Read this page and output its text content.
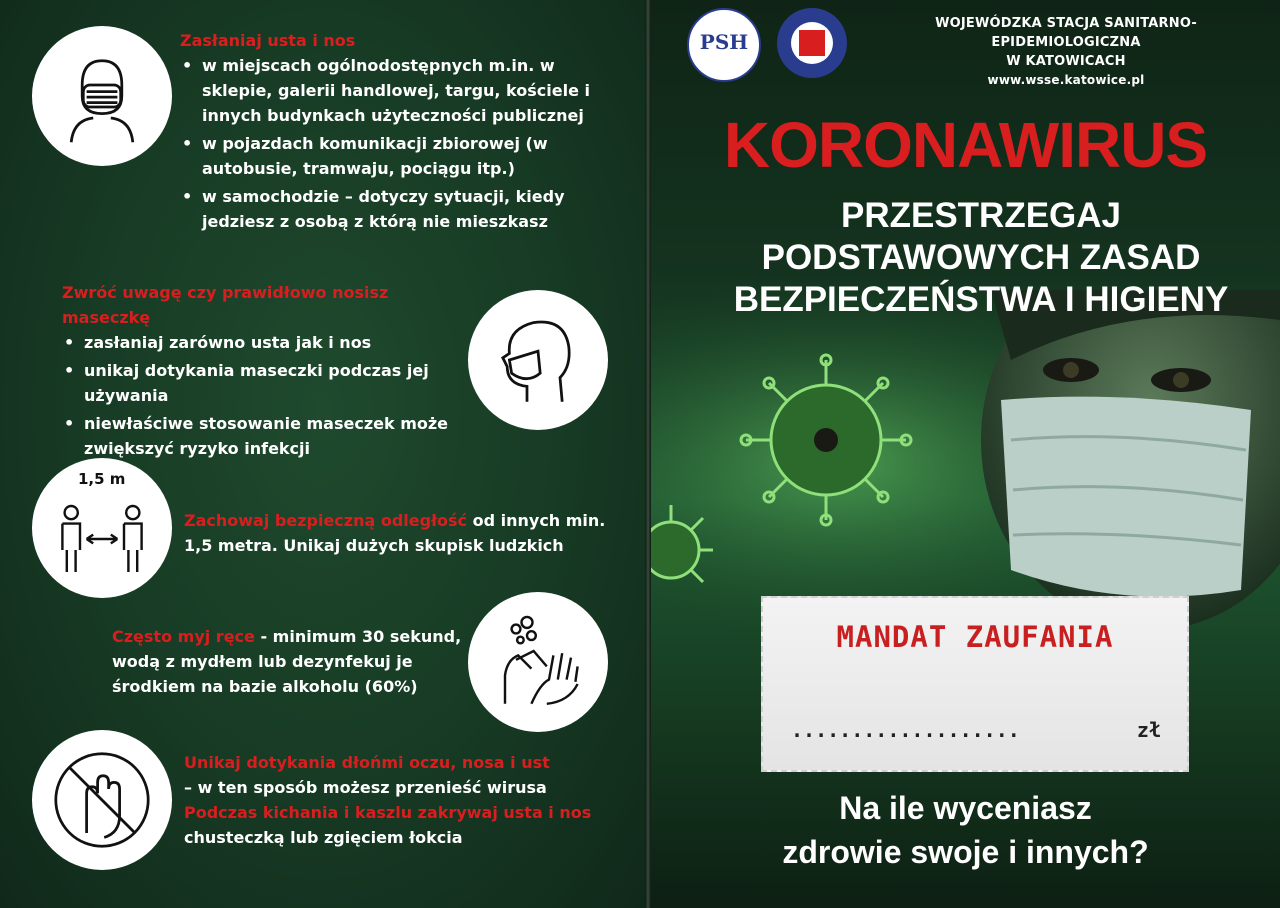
Zasłaniaj usta i nos
• w miejscach ogólnodostępnych m.in. w sklepie, galerii handlowej, targu, kościele i innych budynkach użyteczności publicznej
• w pojazdach komunikacji zbiorowej (w autobusie, tramwaju, pociągu itp.)
• w samochodzie – dotyczy sytuacji, kiedy jedziesz z osobą z którą nie mieszkasz
Zwróć uwagę czy prawidłowo nosisz maseczkę
• zasłaniaj zarówno usta jak i nos
• unikaj dotykania maseczki podczas jej używania
• niewłaściwe stosowanie maseczek może zwiększyć ryzyko infekcji
1,5 m
Zachowaj bezpieczną odległość od innych min. 1,5 metra. Unikaj dużych skupisk ludzkich
Często myj ręce - minimum 30 sekund, wodą z mydłem lub dezynfekuj je środkiem na bazie alkoholu (60%)
Unikaj dotykania dłońmi oczu, nosa i ust
– w ten sposób możesz przenieść wirusa
Podczas kichania i kaszlu zakrywaj usta i nos chusteczką lub zgięciem łokcia
PSH
WOJEWÓDZKA STACJA SANITARNO-EPIDEMIOLOGICZNA
W KATOWICACH
www.wsse.katowice.pl
KORONAWIRUS
PRZESTRZEGAJ
PODSTAWOWYCH ZASAD
BEZPIECZEŃSTWA I HIGIENY
MANDAT ZAUFANIA
...................	zł
Na ile wyceniasz
zdrowie swoje i innych?
